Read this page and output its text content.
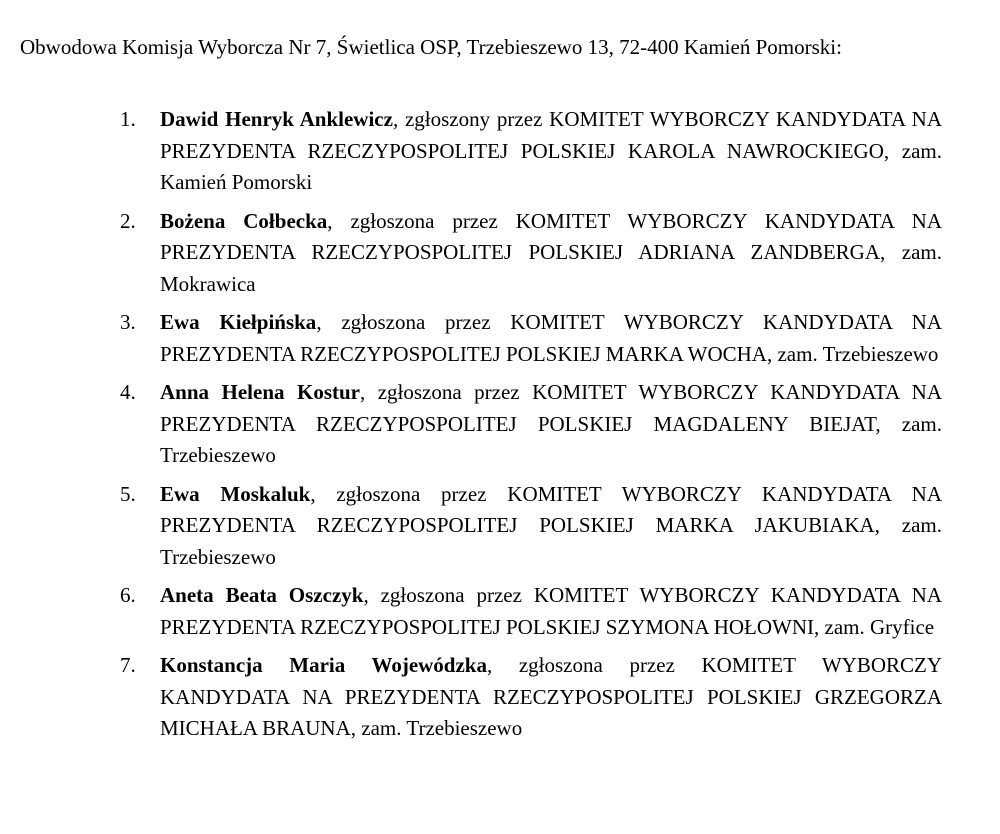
Obwodowa Komisja Wyborcza Nr 7, Świetlica OSP, Trzebieszewo 13, 72-400 Kamień Pomorski:
1.	Dawid Henryk Anklewicz, zgłoszony przez KOMITET WYBORCZY KANDYDATA NA PREZYDENTA RZECZYPOSPOLITEJ POLSKIEJ KAROLA NAWROCKIEGO, zam. Kamień Pomorski
2.	Bożena Cołbecka, zgłoszona przez KOMITET WYBORCZY KANDYDATA NA PREZYDENTA RZECZYPOSPOLITEJ POLSKIEJ ADRIANA ZANDBERGA, zam. Mokrawica
3.	Ewa Kiełpińska, zgłoszona przez KOMITET WYBORCZY KANDYDATA NA PREZYDENTA RZECZYPOSPOLITEJ POLSKIEJ MARKA WOCHA, zam. Trzebieszewo
4.	Anna Helena Kostur, zgłoszona przez KOMITET WYBORCZY KANDYDATA NA PREZYDENTA RZECZYPOSPOLITEJ POLSKIEJ MAGDALENY BIEJAT, zam. Trzebieszewo
5.	Ewa Moskaluk, zgłoszona przez KOMITET WYBORCZY KANDYDATA NA PREZYDENTA RZECZYPOSPOLITEJ POLSKIEJ MARKA JAKUBIAKA, zam. Trzebieszewo
6.	Aneta Beata Oszczyk, zgłoszona przez KOMITET WYBORCZY KANDYDATA NA PREZYDENTA RZECZYPOSPOLITEJ POLSKIEJ SZYMONA HOŁOWNI, zam. Gryfice
7.	Konstancja Maria Wojewódzka, zgłoszona przez KOMITET WYBORCZY KANDYDATA NA PREZYDENTA RZECZYPOSPOLITEJ POLSKIEJ GRZEGORZA MICHAŁA BRAUNA, zam. Trzebieszewo
